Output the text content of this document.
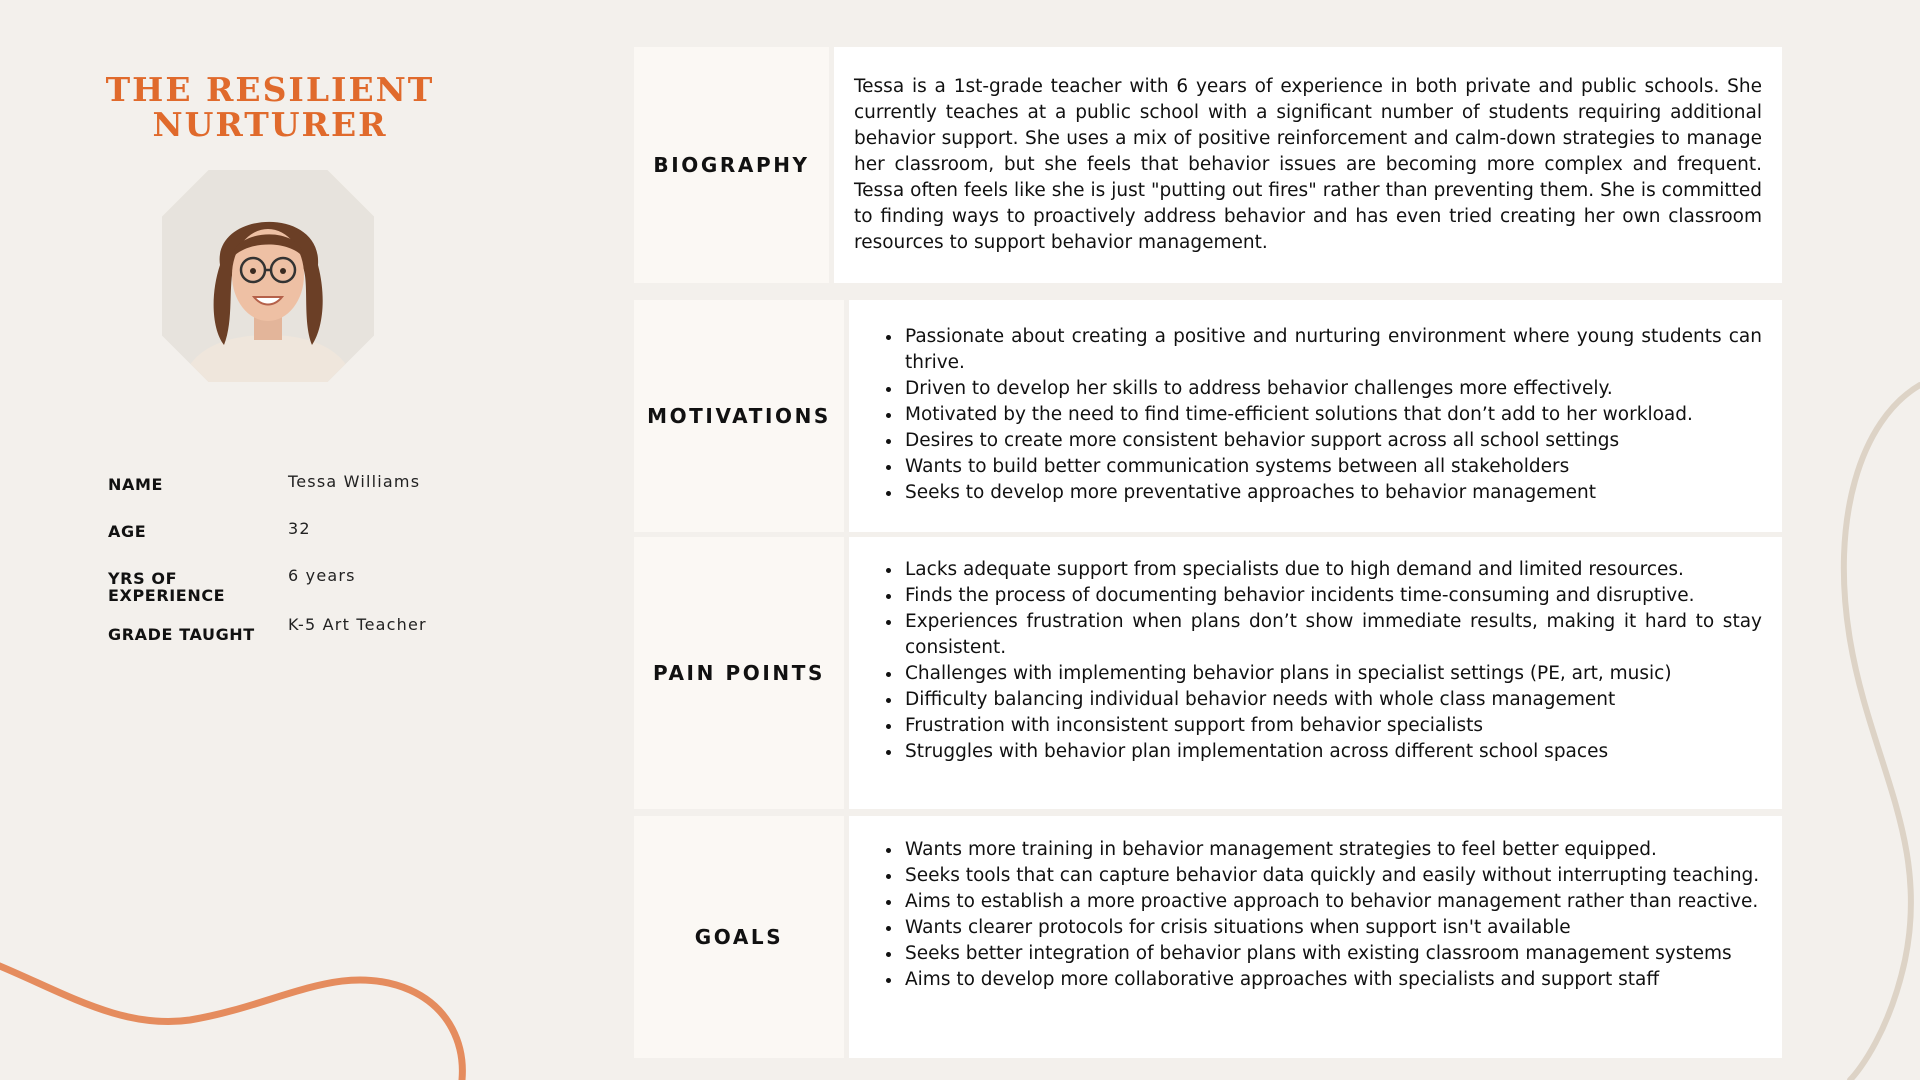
THE RESILIENT NURTURER
NAME	Tessa Williams
AGE	32
YRS OF EXPERIENCE
6 years
GRADE TAUGHT
K-5 Art Teacher
BIOGRAPHY

Tessa is a 1st-grade teacher with 6 years of experience in both private and public schools. She currently teaches at a public school with a significant number of students requiring additional behavior support. She uses a mix of positive reinforcement and calm-down strategies to manage her classroom, but she feels that behavior issues are becoming more complex and frequent. Tessa often feels like she is just "putting out fires" rather than preventing them. She is committed to finding ways to proactively address behavior and has even tried creating her own classroom resources to support behavior management.

MOTIVATIONS
• Passionate about creating a positive and nurturing environment where young students can thrive.
• Driven to develop her skills to address behavior challenges more effectively.
• Motivated by the need to find time-efficient solutions that don’t add to her workload.
• Desires to create more consistent behavior support across all school settings
• Wants to build better communication systems between all stakeholders
• Seeks to develop more preventative approaches to behavior management
PAIN POINTS
• Lacks adequate support from specialists due to high demand and limited resources.
• Finds the process of documenting behavior incidents time-consuming and disruptive.
• Experiences frustration when plans don’t show immediate results, making it hard to stay consistent.
• Challenges with implementing behavior plans in specialist settings (PE, art, music)
• Difficulty balancing individual behavior needs with whole class management
• Frustration with inconsistent support from behavior specialists
• Struggles with behavior plan implementation across different school spaces
GOALS
• Wants more training in behavior management strategies to feel better equipped.
• Seeks tools that can capture behavior data quickly and easily without interrupting teaching.
• Aims to establish a more proactive approach to behavior management rather than reactive.
• Wants clearer protocols for crisis situations when support isn't available
• Seeks better integration of behavior plans with existing classroom management systems
• Aims to develop more collaborative approaches with specialists and support staff
